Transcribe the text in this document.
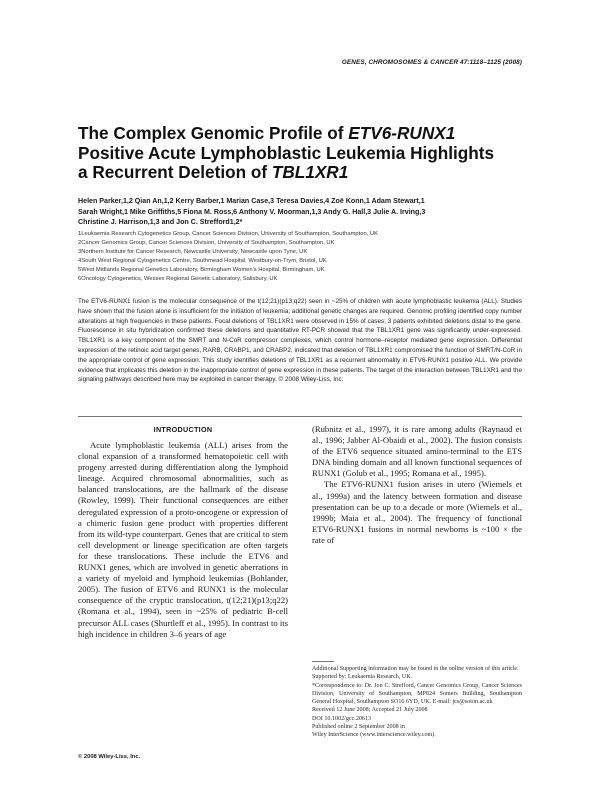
GENES, CHROMOSOMES & CANCER 47:1118–1125 (2008)
The Complex Genomic Profile of ETV6-RUNX1
Positive Acute Lymphoblastic Leukemia Highlights
a Recurrent Deletion of TBL1XR1

Helen Parker,1,2 Qian An,1,2 Kerry Barber,1 Marian Case,3 Teresa Davies,4 Zoë Konn,1 Adam Stewart,1
Sarah Wright,1 Mike Griffiths,5 Fiona M. Ross,6 Anthony V. Moorman,1,3 Andy G. Hall,3 Julie A. Irving,3
Christine J. Harrison,1,3 and Jon C. Strefford1,2*

1Leukaemia Research Cytogenetics Group, Cancer Sciences Division, University of Southampton, Southampton, UK
2Cancer Genomics Group, Cancer Sciences Division, University of Southampton, Southampton, UK
3Northern Institute for Cancer Research, Newcastle University, Newcastle upon Tyne, UK
4South West Regional Cytogenetics Centre, Southmead Hospital, Westbury-on-Trym, Bristol, UK
5West Midlands Regional Genetics Laboratory, Birmingham Women's Hospital, Birmingham, UK
6Oncology Cytogenetics, Wessex Regional Genetic Laboratory, Salisbury, UK

The ETV6-RUNX1 fusion is the molecular consequence of the t(12;21)(p13;q22) seen in ~25% of children with acute lymphoblastic leukemia (ALL). Studies have shown that the fusion alone is insufficient for the initiation of leukemia; additional genetic changes are required. Genomic profiling identified copy number alterations at high frequencies in these patients. Focal deletions of TBL1XR1 were observed in 15% of cases; 3 patients exhibited deletions distal to the gene. Fluorescence in situ hybridization confirmed these deletions and quantitative RT-PCR showed that the TBL1XR1 gene was significantly under-expressed. TBL1XR1 is a key component of the SMRT and N-CoR compressor complexes, which control hormone–receptor mediated gene expression. Differential expression of the retinoic acid target genes, RARB, CRABP1, and CRABP2, indicated that deletion of TBL1XR1 compromised the function of SMRT/N-CoR in the appropriate control of gene expression. This study identifies deletions of TBL1XR1 as a recurrent abnormality in ETV6-RUNX1 positive ALL. We provide evidence that implicates this deletion in the inappropriate control of gene expression in these patients. The target of the interaction between TBL1XR1 and the signaling pathways described here may be exploited in cancer therapy. © 2008 Wiley-Liss, Inc.

INTRODUCTION

Acute lymphoblastic leukemia (ALL) arises from the clonal expansion of a transformed hematopoietic cell with progeny arrested during differentiation along the lymphoid lineage. Acquired chromosomal abnormalities, such as balanced translocations, are the hallmark of the disease (Rowley, 1999). Their functional consequences are either deregulated expression of a proto-oncogene or expression of a chimeric fusion gene product with properties different from its wild-type counterpart. Genes that are critical to stem cell development or lineage specification are often targets for these translocations. These include the ETV6 and RUNX1 genes, which are involved in genetic aberrations in a variety of myeloid and lymphoid leukemias (Bohlander, 2005). The fusion of ETV6 and RUNX1 is the molecular consequence of the cryptic translocation, t(12;21)(p13;q22) (Romana et al., 1994), seen in ~25% of pediatric B-cell precursor ALL cases (Shurtleff et al., 1995). In contrast to its high incidence in children 3–6 years of age

(Rubnitz et al., 1997), it is rare among adults (Raynaud et al., 1996; Jabber Al-Obaidi et al., 2002). The fusion consists of the ETV6 sequence situated amino-terminal to the ETS DNA binding domain and all known functional sequences of RUNX1 (Golub et al., 1995; Romana et al., 1995).

The ETV6-RUNX1 fusion arises in utero (Wiemels et al., 1999a) and the latency between formation and disease presentation can be up to a decade or more (Wiemels et al., 1999b; Maia et al., 2004). The frequency of functional ETV6-RUNX1 fusions in normal newborns is ~100 × the rate of

Additional Supporting information may be found in the online version of this article.

Supported by: Leukaemia Research, UK.

*Correspondence to: Dr. Jon C. Strefford, Cancer Genomics Group, Cancer Sciences Division, University of Southampton, MP824 Somers Building, Southampton General Hospital, Southampton SO16 6YD, UK. E-mail: jcs@soton.ac.uk

Received 12 June 2008; Accepted 21 July 2008

DOI 10.1002/gcc.20613

Published online 2 September 2008 in

Wiley InterScience (www.interscience.wiley.com).

© 2008 Wiley-Liss, Inc.
